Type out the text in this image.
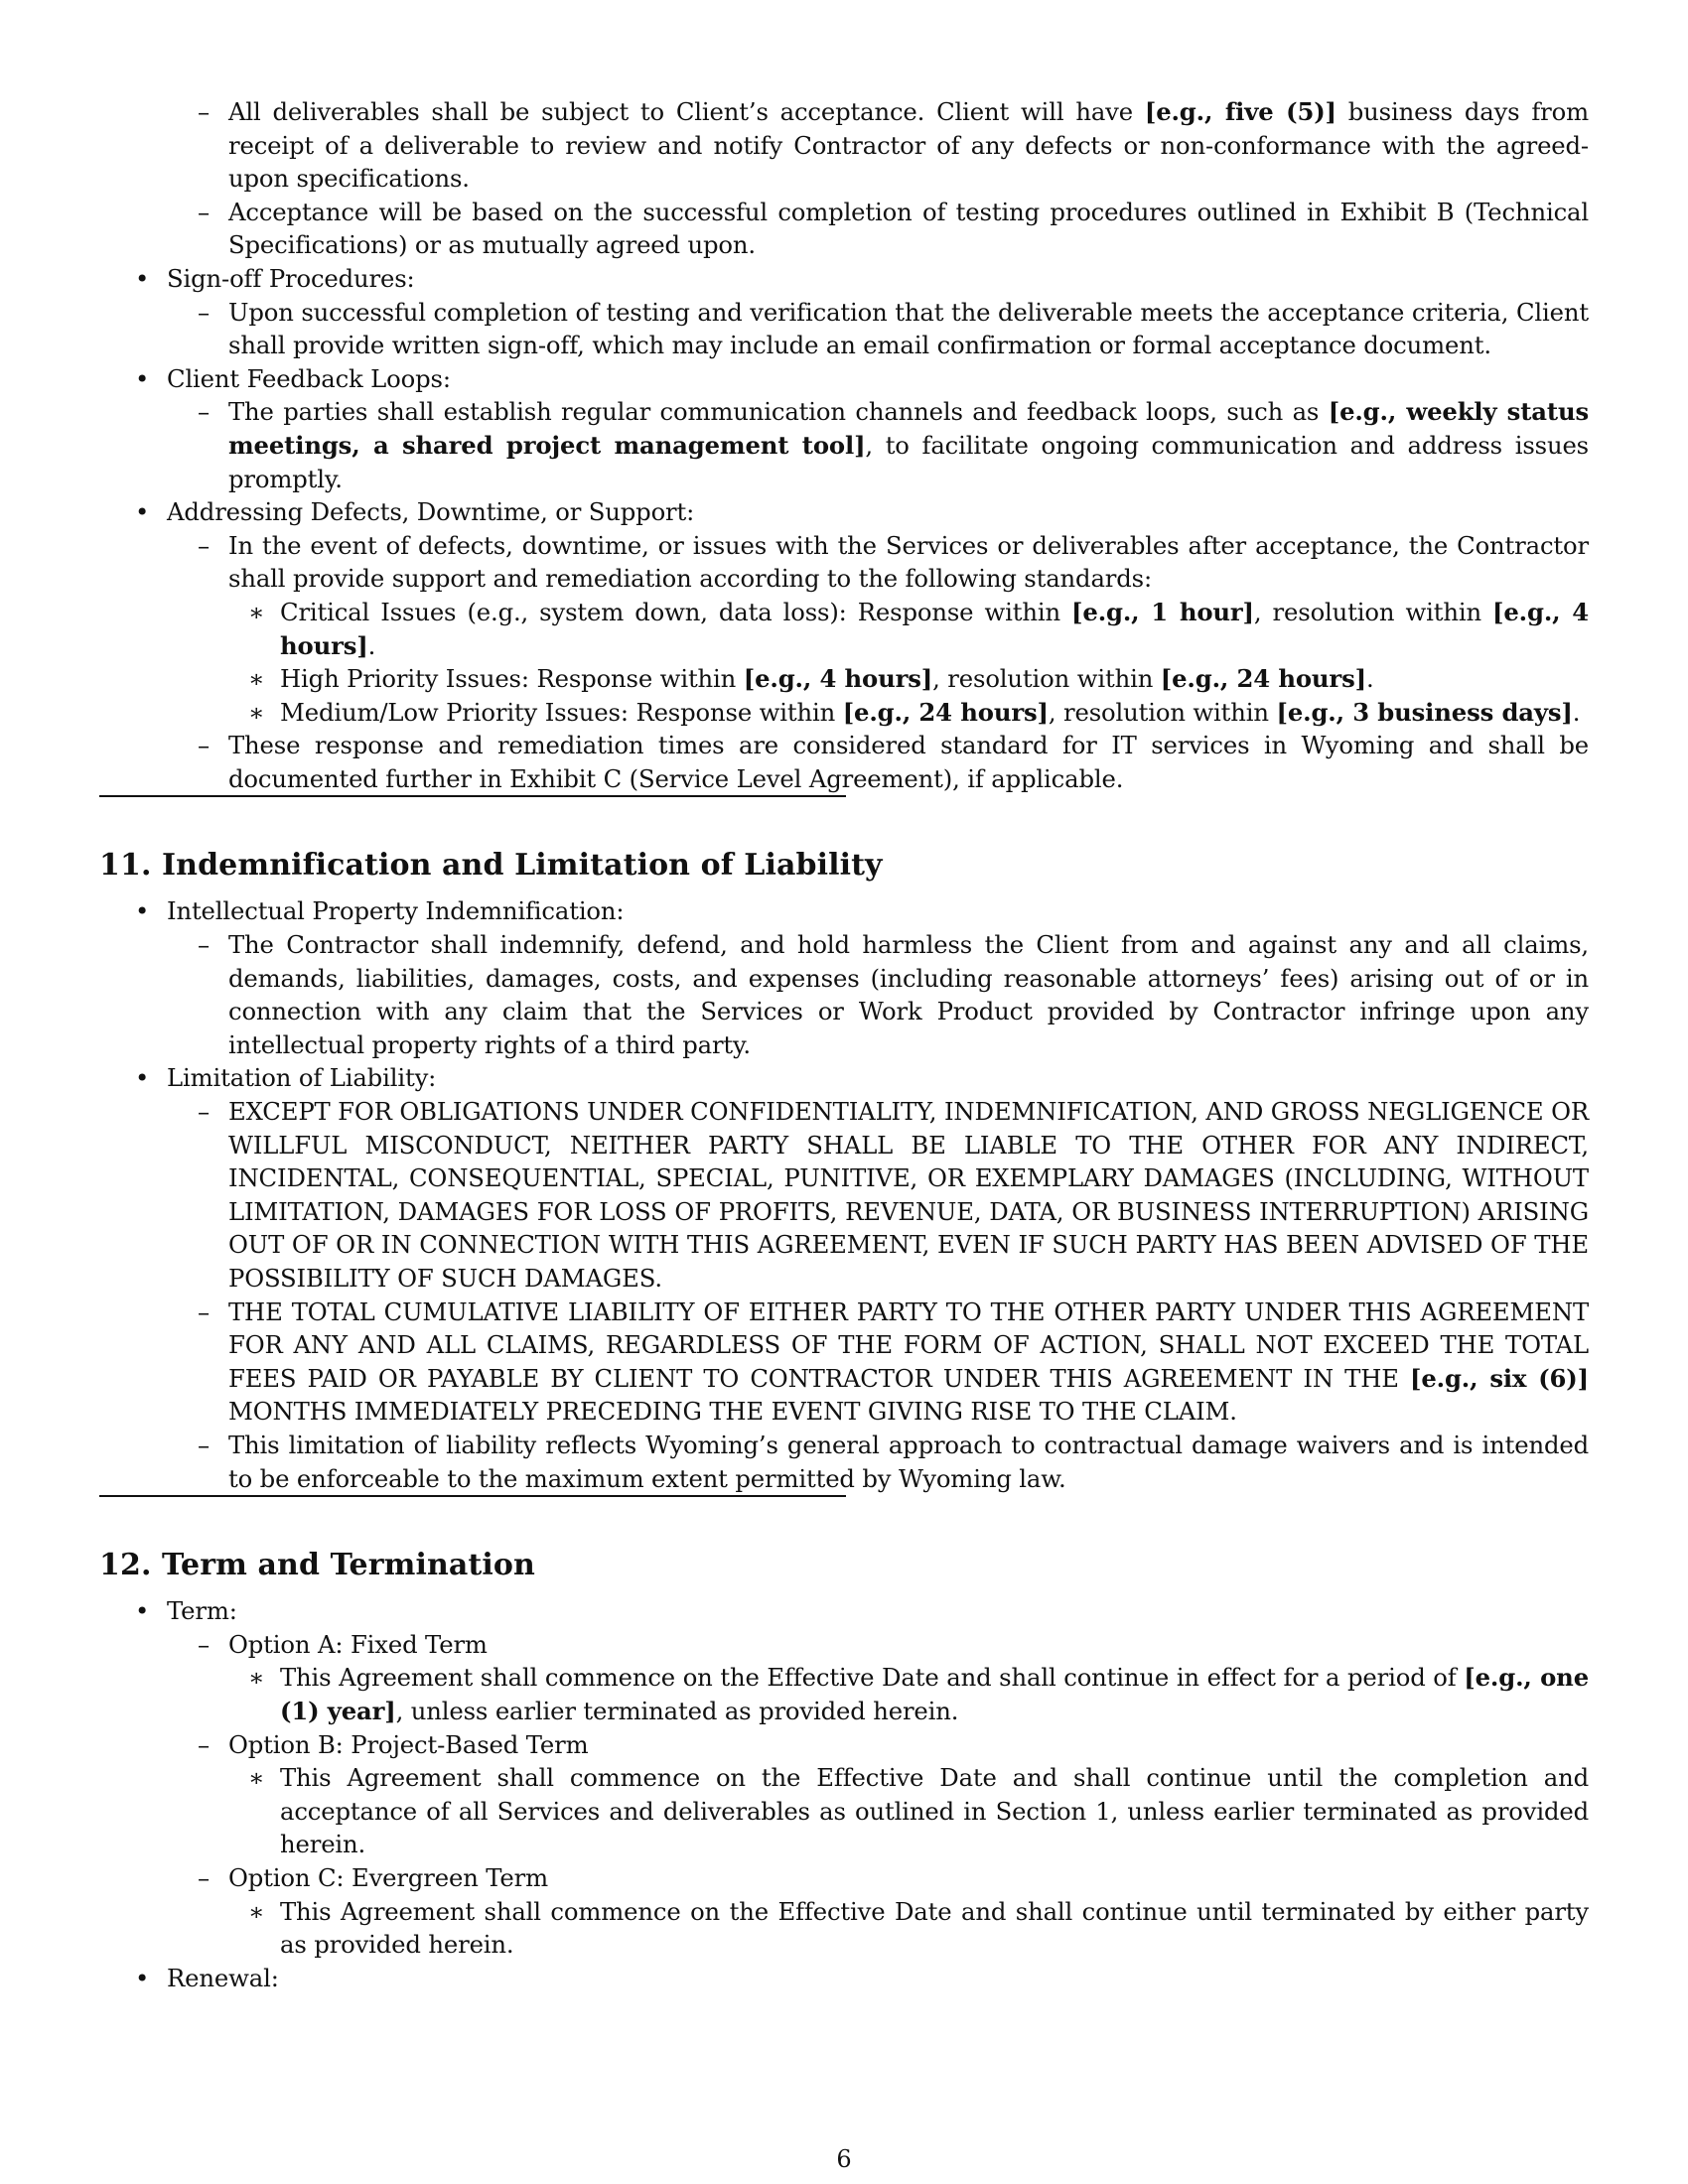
– All deliverables shall be subject to Client’s acceptance. Client will have [e.g., five (5)] business days from receipt of a deliverable to review and notify Contractor of any defects or non-conformance with the agreed-upon specifications.
– Acceptance will be based on the successful completion of testing procedures outlined in Exhibit B (Technical Specifications) or as mutually agreed upon.
• Sign-off Procedures:
– Upon successful completion of testing and verification that the deliverable meets the acceptance criteria, Client shall provide written sign-off, which may include an email confirmation or formal acceptance document.
• Client Feedback Loops:
– The parties shall establish regular communication channels and feedback loops, such as [e.g., weekly status meetings, a shared project management tool], to facilitate ongoing communication and address issues promptly.
• Addressing Defects, Downtime, or Support:
– In the event of defects, downtime, or issues with the Services or deliverables after acceptance, the Contractor shall provide support and remediation according to the following standards:
∗ Critical Issues (e.g., system down, data loss): Response within [e.g., 1 hour], resolution within [e.g., 4 hours].
∗ High Priority Issues: Response within [e.g., 4 hours], resolution within [e.g., 24 hours].
∗ Medium/Low Priority Issues: Response within [e.g., 24 hours], resolution within [e.g., 3 business days].
– These response and remediation times are considered standard for IT services in Wyoming and shall be documented further in Exhibit C (Service Level Agreement), if applicable.
11. Indemnification and Limitation of Liability
• Intellectual Property Indemnification:
– The Contractor shall indemnify, defend, and hold harmless the Client from and against any and all claims, demands, liabilities, damages, costs, and expenses (including reasonable attorneys’ fees) arising out of or in connection with any claim that the Services or Work Product provided by Contractor infringe upon any intellectual property rights of a third party.
• Limitation of Liability:
– EXCEPT FOR OBLIGATIONS UNDER CONFIDENTIALITY, INDEMNIFICATION, AND GROSS NEGLIGENCE OR WILLFUL MISCONDUCT, NEITHER PARTY SHALL BE LIABLE TO THE OTHER FOR ANY INDIRECT, INCIDENTAL, CONSEQUENTIAL, SPECIAL, PUNITIVE, OR EXEMPLARY DAMAGES (INCLUDING, WITHOUT LIMITATION, DAMAGES FOR LOSS OF PROFITS, REVENUE, DATA, OR BUSINESS INTERRUPTION) ARISING OUT OF OR IN CONNECTION WITH THIS AGREEMENT, EVEN IF SUCH PARTY HAS BEEN ADVISED OF THE POSSIBILITY OF SUCH DAMAGES.
– THE TOTAL CUMULATIVE LIABILITY OF EITHER PARTY TO THE OTHER PARTY UNDER THIS AGREEMENT FOR ANY AND ALL CLAIMS, REGARDLESS OF THE FORM OF ACTION, SHALL NOT EXCEED THE TOTAL FEES PAID OR PAYABLE BY CLIENT TO CONTRACTOR UNDER THIS AGREEMENT IN THE [e.g., six (6)] MONTHS IMMEDIATELY PRECEDING THE EVENT GIVING RISE TO THE CLAIM.
– This limitation of liability reflects Wyoming’s general approach to contractual damage waivers and is intended to be enforceable to the maximum extent permitted by Wyoming law.
12. Term and Termination
• Term:
– Option A: Fixed Term
∗ This Agreement shall commence on the Effective Date and shall continue in effect for a period of [e.g., one (1) year], unless earlier terminated as provided herein.
– Option B: Project-Based Term
∗ This Agreement shall commence on the Effective Date and shall continue until the completion and acceptance of all Services and deliverables as outlined in Section 1, unless earlier terminated as provided herein.
– Option C: Evergreen Term
∗ This Agreement shall commence on the Effective Date and shall continue until terminated by either party as provided herein.
• Renewal:
6
